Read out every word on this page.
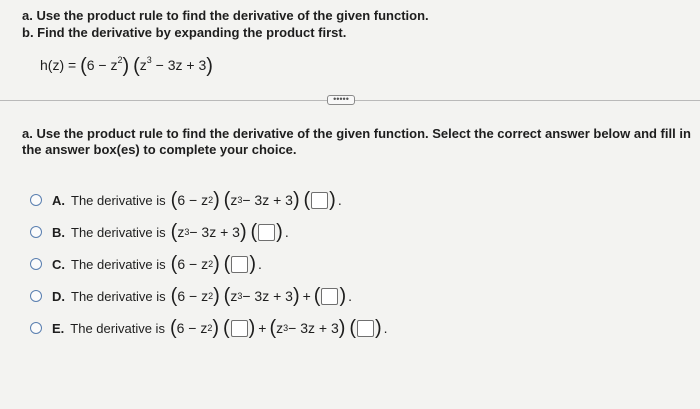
a. Use the product rule to find the derivative of the given function.
b. Find the derivative by expanding the product first.
$h(z) = (6 - z^2)$ $(z^3 - 3z + 3)$
•••••
a. Use the product rule to find the derivative of the given function. Select the correct answer below and fill in the answer box(es) to complete your choice.
A. The derivative is ( 6 − z 2 )
( z 3 − 3z + 3 )
( ) .
B. The derivative is ( z 3 − 3z + 3 )
( ) .
C. The derivative is ( 6 − z 2 )
( ) .
D. The derivative is ( 6 − z 2 )
( z 3 − 3z + 3 ) + ( ) .
E. The derivative is ( 6 − z 2 )
( ) + ( z 3 − 3z + 3 )
( ) .
